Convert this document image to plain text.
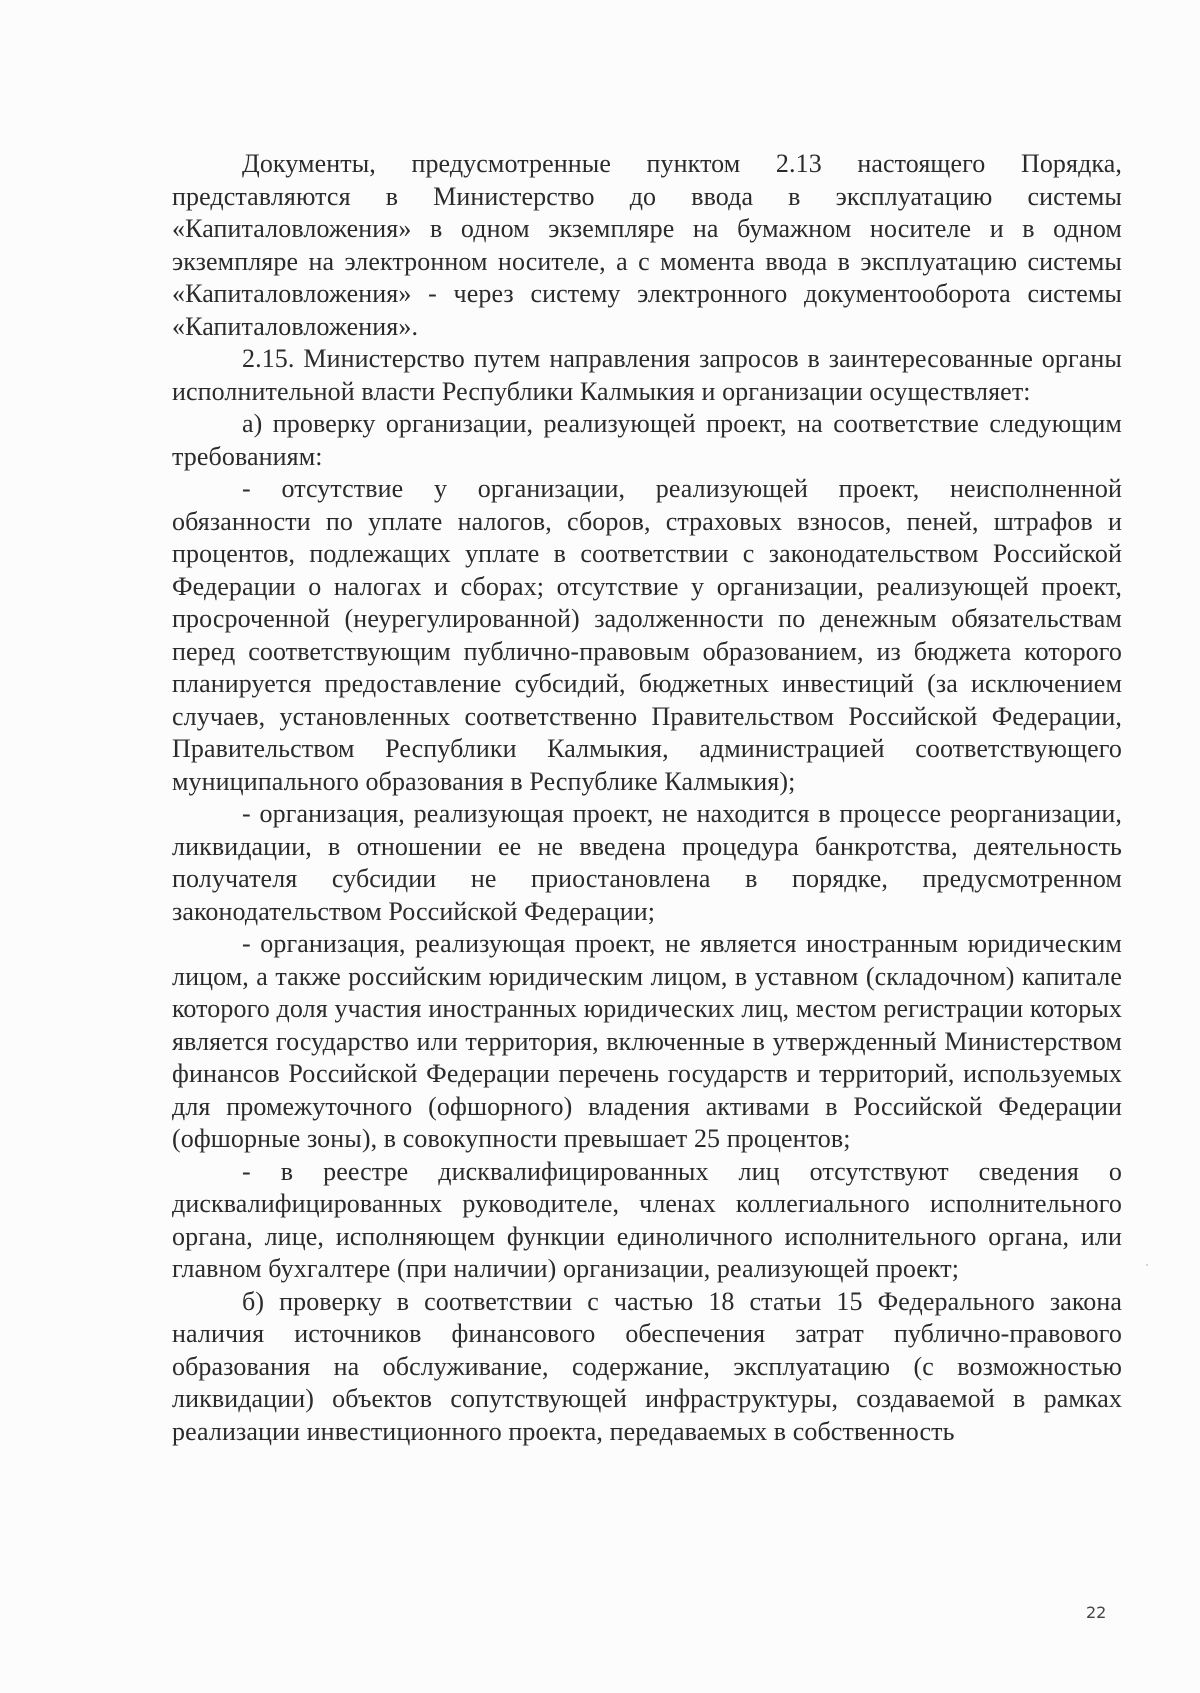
Документы, предусмотренные пунктом 2.13 настоящего Порядка, представляются в Министерство до ввода в эксплуатацию системы «Капиталовложения» в одном экземпляре на бумажном носителе и в одном экземпляре на электронном носителе, а с момента ввода в эксплуатацию системы «Капиталовложения» - через систему электронного документооборота системы «Капиталовложения».

2.15. Министерство путем направления запросов в заинтересованные органы исполнительной власти Республики Калмыкия и организации осуществляет:

а) проверку организации, реализующей проект, на соответствие следующим требованиям:

- отсутствие у организации, реализующей проект, неисполненной обязанности по уплате налогов, сборов, страховых взносов, пеней, штрафов и процентов, подлежащих уплате в соответствии с законодательством Российской Федерации о налогах и сборах; отсутствие у организации, реализующей проект, просроченной (неурегулированной) задолженности по денежным обязательствам перед соответствующим публично-правовым образованием, из бюджета которого планируется предоставление субсидий, бюджетных инвестиций (за исключением случаев, установленных соответственно Правительством Российской Федерации, Правительством Республики Калмыкия, администрацией соответствующего муниципального образования в Республике Калмыкия);

- организация, реализующая проект, не находится в процессе реорганизации, ликвидации, в отношении ее не введена процедура банкротства, деятельность получателя субсидии не приостановлена в порядке, предусмотренном законодательством Российской Федерации;

- организация, реализующая проект, не является иностранным юридическим лицом, а также российским юридическим лицом, в уставном (складочном) капитале которого доля участия иностранных юридических лиц, местом регистрации которых является государство или территория, включенные в утвержденный Министерством финансов Российской Федерации перечень государств и территорий, используемых для промежуточного (офшорного) владения активами в Российской Федерации (офшорные зоны), в совокупности превышает 25 процентов;

- в реестре дисквалифицированных лиц отсутствуют сведения о дисквалифицированных руководителе, членах коллегиального исполнительного органа, лице, исполняющем функции единоличного исполнительного органа, или главном бухгалтере (при наличии) организации, реализующей проект;

б) проверку в соответствии с частью 18 статьи 15 Федерального закона наличия источников финансового обеспечения затрат публично-правового образования на обслуживание, содержание, эксплуатацию (с возможностью ликвидации) объектов сопутствующей инфраструктуры, создаваемой в рамках реализации инвестиционного проекта, передаваемых в собственность

22
